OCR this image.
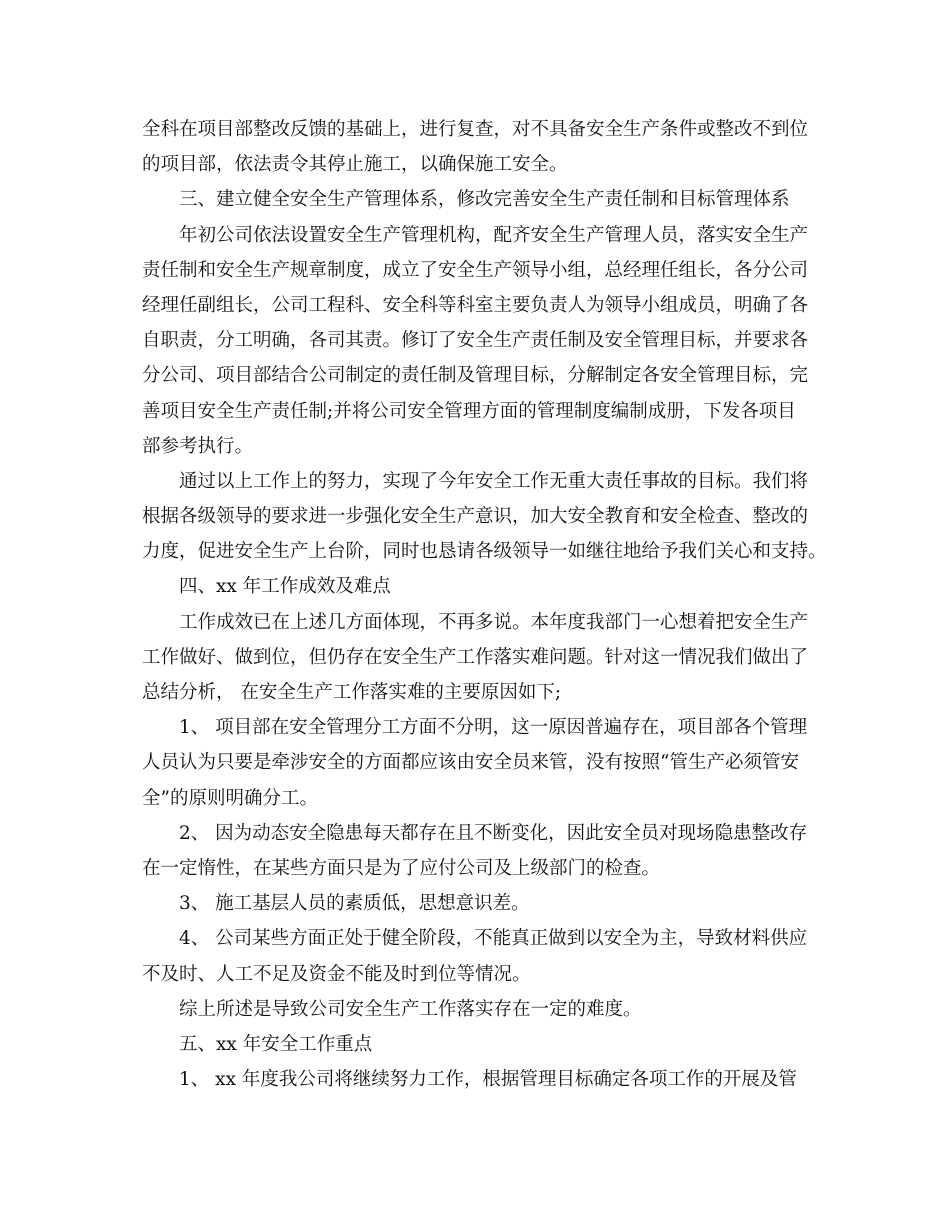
全科在项目部整改反馈的基础上，进行复查，对不具备安全生产条件或整改不到位
的项目部，依法责令其停止施工，以确保施工安全。
三、建立健全安全生产管理体系，修改完善安全生产责任制和目标管理体系
年初公司依法设置安全生产管理机构，配齐安全生产管理人员，落实安全生产
责任制和安全生产规章制度，成立了安全生产领导小组，总经理任组长，各分公司
经理任副组长，公司工程科、安全科等科室主要负责人为领导小组成员，明确了各
自职责，分工明确，各司其责。修订了安全生产责任制及安全管理目标，并要求各
分公司、项目部结合公司制定的责任制及管理目标，分解制定各安全管理目标，完
善项目安全生产责任制;并将公司安全管理方面的管理制度编制成册，下发各项目
部参考执行。
通过以上工作上的努力，实现了今年安全工作无重大责任事故的目标。我们将
根据各级领导的要求进一步强化安全生产意识，加大安全教育和安全检查、整改的
力度，促进安全生产上台阶，同时也恳请各级领导一如继往地给予我们关心和支持。
四、xx 年工作成效及难点
工作成效已在上述几方面体现，不再多说。本年度我部门一心想着把安全生产
工作做好、做到位，但仍存在安全生产工作落实难问题。针对这一情况我们做出了
总结分析， 在安全生产工作落实难的主要原因如下;
1、 项目部在安全管理分工方面不分明，这一原因普遍存在，项目部各个管理
人员认为只要是牵涉安全的方面都应该由安全员来管，没有按照“管生产必须管安
全”的原则明确分工。
2、 因为动态安全隐患每天都存在且不断变化，因此安全员对现场隐患整改存
在一定惰性，在某些方面只是为了应付公司及上级部门的检查。
3、 施工基层人员的素质低，思想意识差。
4、 公司某些方面正处于健全阶段，不能真正做到以安全为主，导致材料供应
不及时、人工不足及资金不能及时到位等情况。
综上所述是导致公司安全生产工作落实存在一定的难度。
五、xx 年安全工作重点
1、 xx 年度我公司将继续努力工作，根据管理目标确定各项工作的开展及管
